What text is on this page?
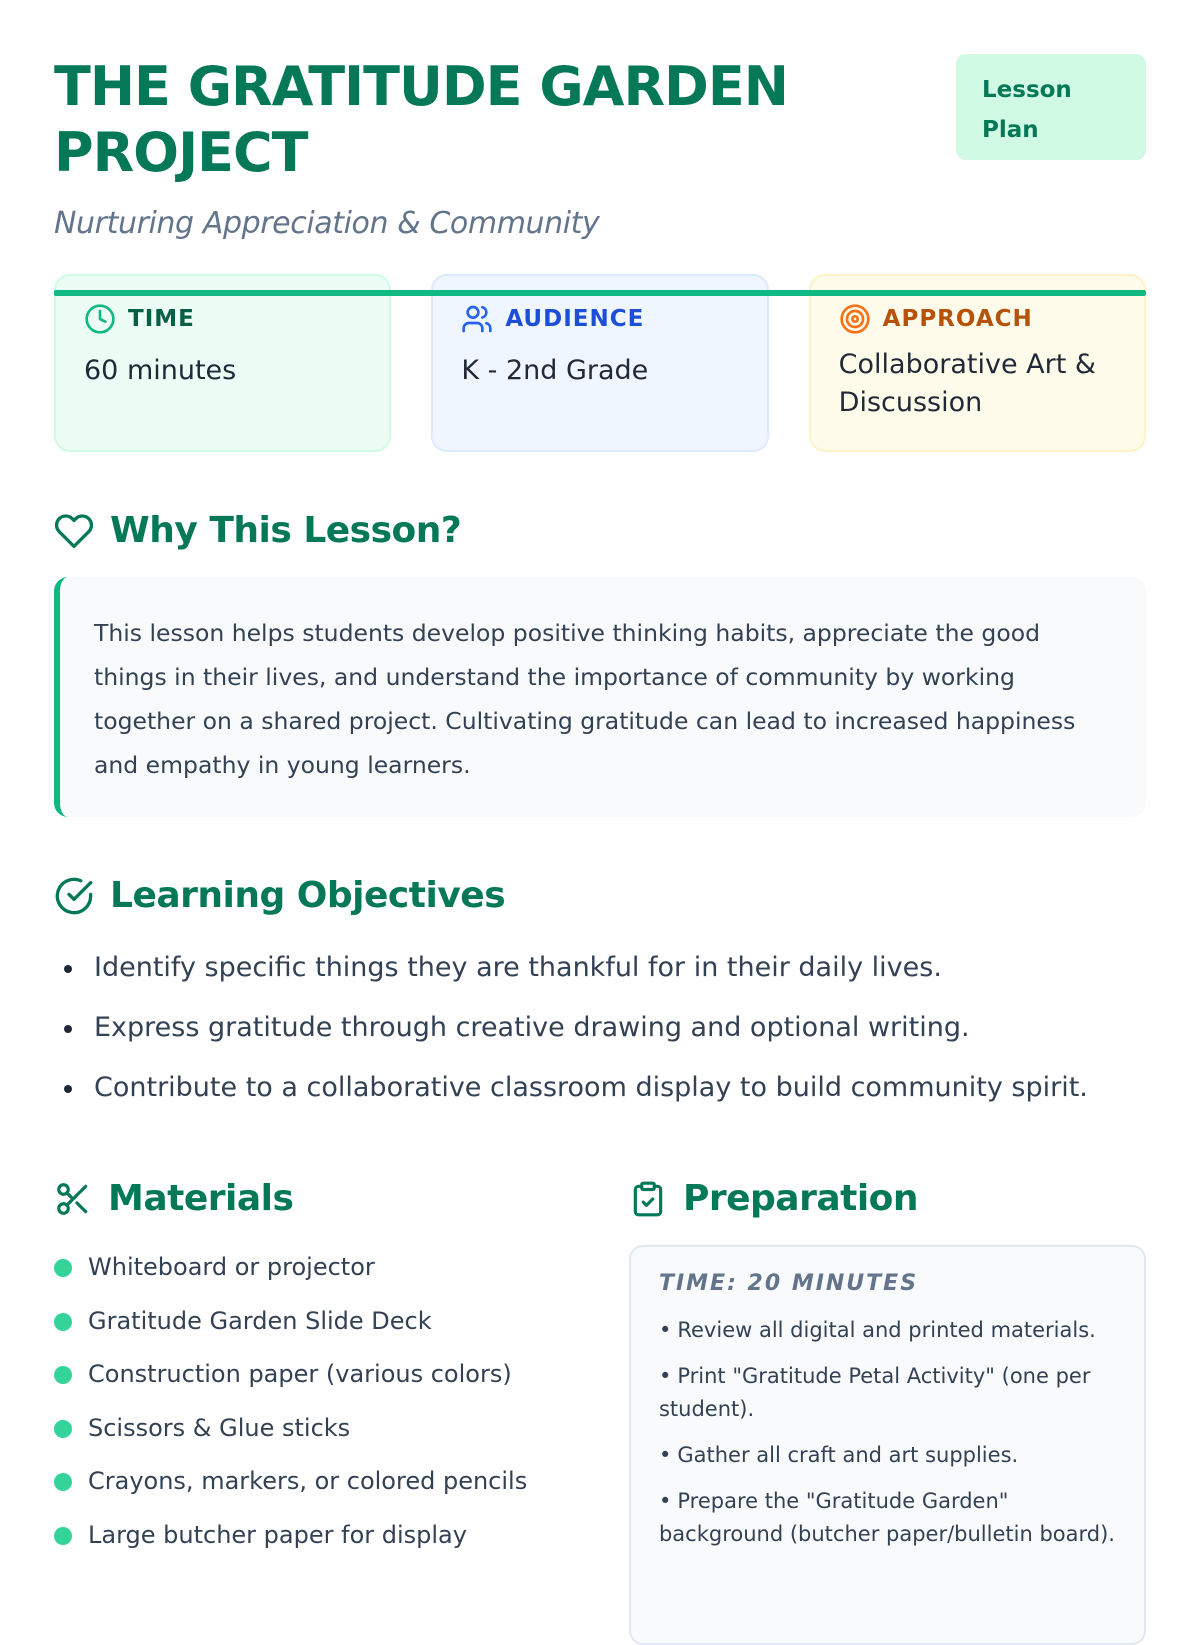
THE GRATITUDE GARDEN PROJECT

Nurturing Appreciation & Community

Lesson Plan
TIME
60 minutes
AUDIENCE
K - 2nd Grade
APPROACH
Collaborative Art & Discussion
Why This Lesson?
This lesson helps students develop positive thinking habits, appreciate the good things in their lives, and understand the importance of community by working together on a shared project. Cultivating gratitude can lead to increased happiness and empathy in young learners.
Learning Objectives
Identify specific things they are thankful for in their daily lives.
Express gratitude through creative drawing and optional writing.
Contribute to a collaborative classroom display to build community spirit.
Materials
Whiteboard or projector
Gratitude Garden Slide Deck
Construction paper (various colors)
Scissors & Glue sticks
Crayons, markers, or colored pencils
Large butcher paper for display
Preparation
TIME: 20 MINUTES
• Review all digital and printed materials.
• Print "Gratitude Petal Activity" (one per student).
• Gather all craft and art supplies.
• Prepare the "Gratitude Garden" background (butcher paper/bulletin board).
